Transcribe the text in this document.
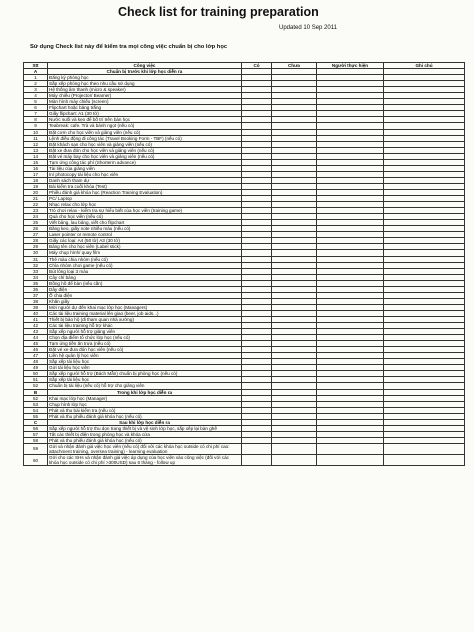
Check list for training preparation
Updated 10 Sep 2011
Sử dụng Check list này để kiểm tra mọi công việc chuẩn bị cho lớp học
Stt	Công việc	Có	Chưa	Người thực hiện	Ghi chú
A	Chuẩn bị trước khi lớp học diễn ra				
1	Đăng ký phòng học				
2	Sắp xếp phòng học theo nhu cầu sử dụng				
3	Hệ thống âm thanh (micro & speaker)				
4	Máy chiếu (Projector/ Beamer)				
5	Màn hình máy chiếu (screen)				
6	Flipchart hoặc bảng trắng				
7	Giấy flipchart: A1 (30 tờ)				
8	Nước suối và kẹo để bố trí trên bàn học				
9	Teabreak: cafe. Trà và bánh ngọt (nếu có)				
10	Đặt cơm cho học viên và giảng viên (nếu có)				
11	Lệnh điều động đi công tác (Travel Booking Form - TBF) (nếu có)				
12	Đặt khách sạn cho học viên và giảng viên (nếu có)				
13	Đặt xe đưa đón cho học viên và giảng viên (nếu có)				
14	Đặt vé máy bay cho học viên và giảng viên (nếu có)				
15	Tạm ứng công tác phí (Shorterm advance)				
16	Tài liệu của giảng viên				
17	In/ photocopy tài liệu cho học viên				
18	Danh sách tham dự				
19	Bài kiểm tra cuối khóa (Test)				
20	Phiếu đánh giá khóa học (Reaction Training Evaluation)				
21	PC/ Laptop				
22	Nhạc relax cho lớp học				
23	Trò chơi relax - kiểm tra sự hiểu biết của học viên (training game)				
24	Quà cho học viên (nếu có)				
25	Viết bảng, lau bảng, viết cho flipchart				
26	Băng keo, giấy note nhiều màu (nếu có)				
27	Laser pointer or remote control				
28	Giấy các loại: A4 (50 tờ) A3 (30 tờ)				
29	Bảng tên cho học viên (Label stick)				
30	Máy chụp hình/ quay film				
31	Thẻ màu chia nhóm (nếu có)				
32	Chìa nhóm chơi game (nếu có)				
33	Bút lông loại 3 màu				
34	Cây chỉ bảng				
35	Đồng hồ để bàn (nếu cần)				
36	Dây điện				
37	Ổ chia điện				
38	Khăn giấy				
39	Mời người dự đến khai mạc lớp học (Managers)				
40	Các tài liệu training material lên giao (beer, job aids...)				
41	Thiết bị bảo hộ (đi tham quan nhà xưởng)				
42	Các tài liệu training hỗ trợ khác				
43	Sắp xếp người hỗ trợ giảng viên				
44	Chọn địa điểm tổ chức lớp học (nếu có)				
45	Tạm ứng tiền ăn trưa (nếu có)				
46	Đặt vé xe đưa đón học viên (nếu có)				
47	Liên hệ quản lý học viên				
48	Sắp xếp tài liệu học				
49	Gửi tài liệu học viên				
50	Sắp xếp người hỗ trợ (Bách Mẫn) chuẩn bị phòng học (nếu có)				
51	Sắp xếp tài liệu học				
52	Chuẩn bị tài liệu (nếu có) hỗ trợ cho giảng viên				
B	Trong khi lớp học diễn ra				
52	Khai mạc lớp học (Manager)				
53	Chụp hình lớp học				
54	Phát và thu bài kiểm tra (nếu có)				
55	Phát và thu phiếu đánh giá khóa học (nếu có)				
C	Sau khi lớp học diễn ra				
56	Sắp xếp người hỗ trợ thu dọn trang thiết bị và vệ sinh lớp học, sắp xếp lại bàn ghế				
57	Tất các thiết bị điện trong phòng học và khóa cửa				
58	Phát và thu phiếu đánh giá khóa học (nếu có)				
59	Gửi và nhận đánh giá việc học viên (nếu có) đối với các khóa học outside có chi phí cao: attachment training, oversea training) - learning evaluation				
60	Gởi cho các SHs và nhận đánh giá việc áp dụng của học viên vào công việc (đối với các khóa học outside có chi phí >300USD) sau 6 tháng - follow up				
